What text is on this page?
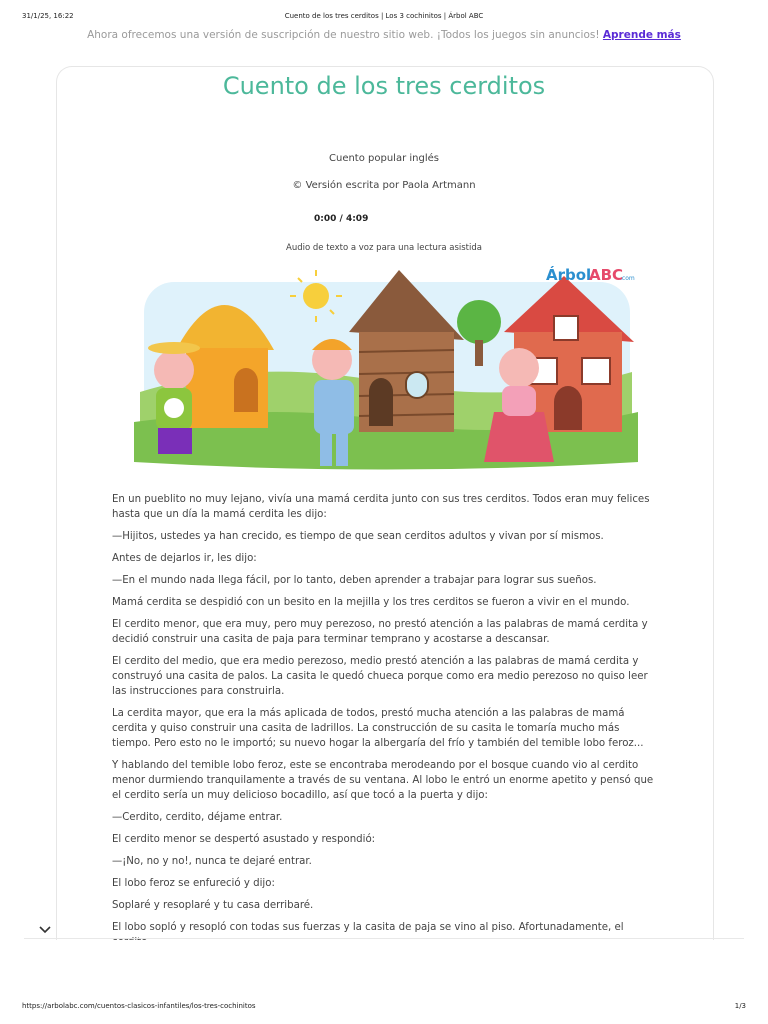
31/1/25, 16:22	Cuento de los tres cerditos | Los 3 cochinitos | Árbol ABC
Ahora ofrecemos una versión de suscripción de nuestro sitio web. ¡Todos los juegos sin anuncios! Aprende más
Cuento de los tres cerditos
Cuento popular inglés
© Versión escrita por Paola Artmann
0:00 / 4:09
Audio de texto a voz para una lectura asistida
Árbol
ABC
.com

En un pueblito no muy lejano, vivía una mamá cerdita junto con sus tres cerditos. Todos eran muy felices hasta que un día la mamá cerdita les dijo:

—Hijitos, ustedes ya han crecido, es tiempo de que sean cerditos adultos y vivan por sí mismos.

Antes de dejarlos ir, les dijo:

—En el mundo nada llega fácil, por lo tanto, deben aprender a trabajar para lograr sus sueños.

Mamá cerdita se despidió con un besito en la mejilla y los tres cerditos se fueron a vivir en el mundo.

El cerdito menor, que era muy, pero muy perezoso, no prestó atención a las palabras de mamá cerdita y decidió construir una casita de paja para terminar temprano y acostarse a descansar.

El cerdito del medio, que era medio perezoso, medio prestó atención a las palabras de mamá cerdita y construyó una casita de palos. La casita le quedó chueca porque como era medio perezoso no quiso leer las instrucciones para construirla.

La cerdita mayor, que era la más aplicada de todos, prestó mucha atención a las palabras de mamá cerdita y quiso construir una casita de ladrillos. La construcción de su casita le tomaría mucho más tiempo. Pero esto no le importó; su nuevo hogar la albergaría del frío y también del temible lobo feroz...

Y hablando del temible lobo feroz, este se encontraba merodeando por el bosque cuando vio al cerdito menor durmiendo tranquilamente a través de su ventana. Al lobo le entró un enorme apetito y pensó que el cerdito sería un muy delicioso bocadillo, así que tocó a la puerta y dijo:

—Cerdito, cerdito, déjame entrar.

El cerdito menor se despertó asustado y respondió:

—¡No, no y no!, nunca te dejaré entrar.

El lobo feroz se enfureció y dijo:

Soplaré y resoplaré y tu casa derribaré.

El lobo sopló y resopló con todas sus fuerzas y la casita de paja se vino al piso. Afortunadamente, el

https://arbolabc.com/cuentos-clasicos-infantiles/los-tres-cochinitos	1/3
